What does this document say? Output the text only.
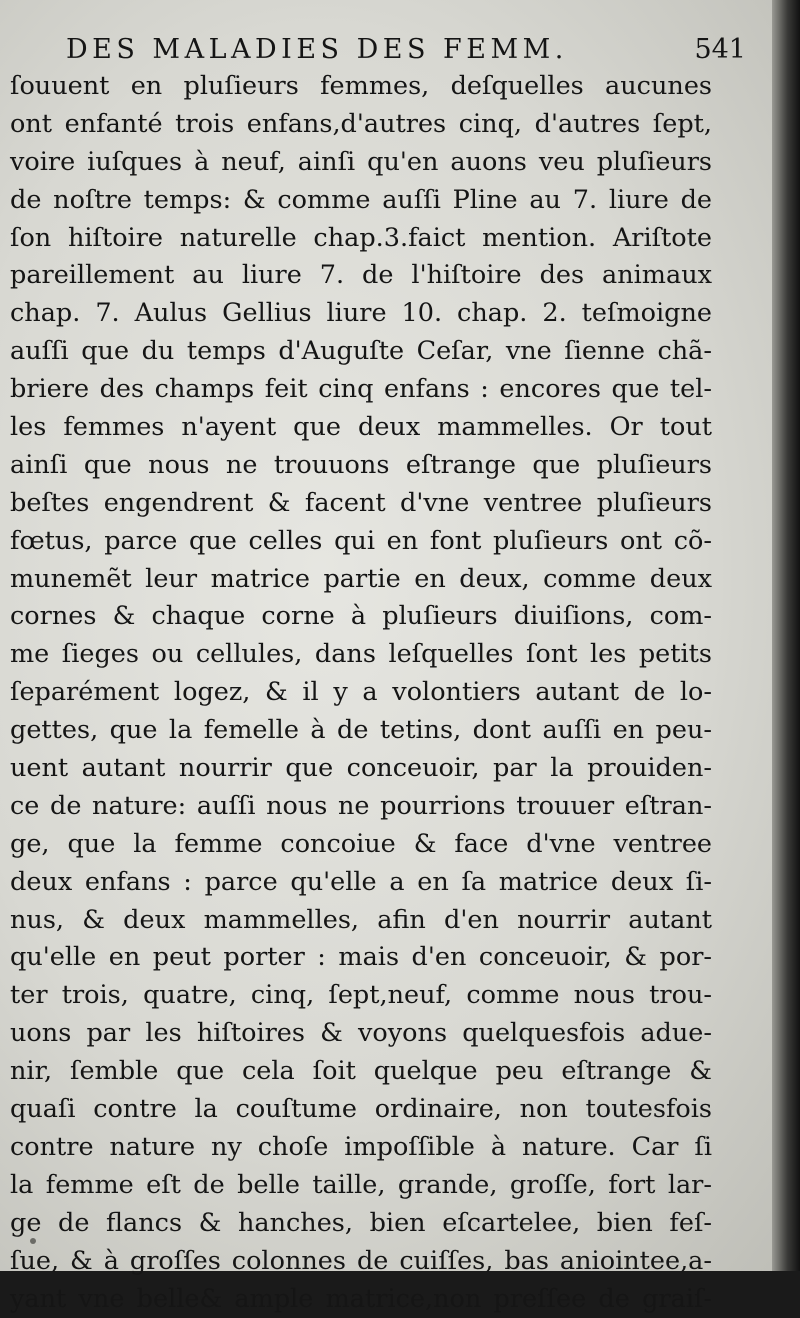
DES MALADIES DES FEMM.	541
ſouuent en pluſieurs femmes, deſquelles aucunes
ont enfanté trois enfans,d'autres cinq, d'autres ſept,
voire iuſques à neuf, ainſi qu'en auons veu pluſieurs
de noſtre temps: & comme auſſi Pline au 7. liure de
ſon hiſtoire naturelle chap.3.faict mention. Ariſtote
pareillement au liure 7. de l'hiſtoire des animaux
chap. 7. Aulus Gellius liure 10. chap. 2. teſmoigne
auſſi que du temps d'Auguſte Ceſar, vne ſienne chã-
briere des champs feit cinq enfans : encores que tel-
les femmes n'ayent que deux mammelles. Or tout
ainſi que nous ne trouuons eſtrange que pluſieurs
beſtes engendrent & facent d'vne ventree pluſieurs
fœtus, parce que celles qui en font pluſieurs ont cõ-
munemẽt leur matrice partie en deux, comme deux
cornes & chaque corne à pluſieurs diuiſions, com-
me ſieges ou cellules, dans leſquelles ſont les petits
ſeparément logez, & il y a volontiers autant de lo-
gettes, que la femelle à de tetins, dont auſſi en peu-
uent autant nourrir que conceuoir, par la prouiden-
ce de nature: auſſi nous ne pourrions trouuer eſtran-
ge, que la femme concoiue & face d'vne ventree
deux enfans : parce qu'elle a en ſa matrice deux ſi-
nus, & deux mammelles, afin d'en nourrir autant
qu'elle en peut porter : mais d'en conceuoir, & por-
ter trois, quatre, cinq, ſept,neuf, comme nous trou-
uons par les hiſtoires & voyons quelquesfois adue-
nir, ſemble que cela ſoit quelque peu eſtrange &
quaſi contre la couſtume ordinaire, non toutesfois
contre nature ny choſe impoſſible à nature. Car ſi
la femme eſt de belle taille, grande, groſſe, fort lar-
ge de flancs & hanches, bien eſcartelee, bien feſ-
ſue, & à groſſes colonnes de cuiſſes, bas aniointee,a-
yant vne belle& ample matrice,non preſſee de graiſ-
